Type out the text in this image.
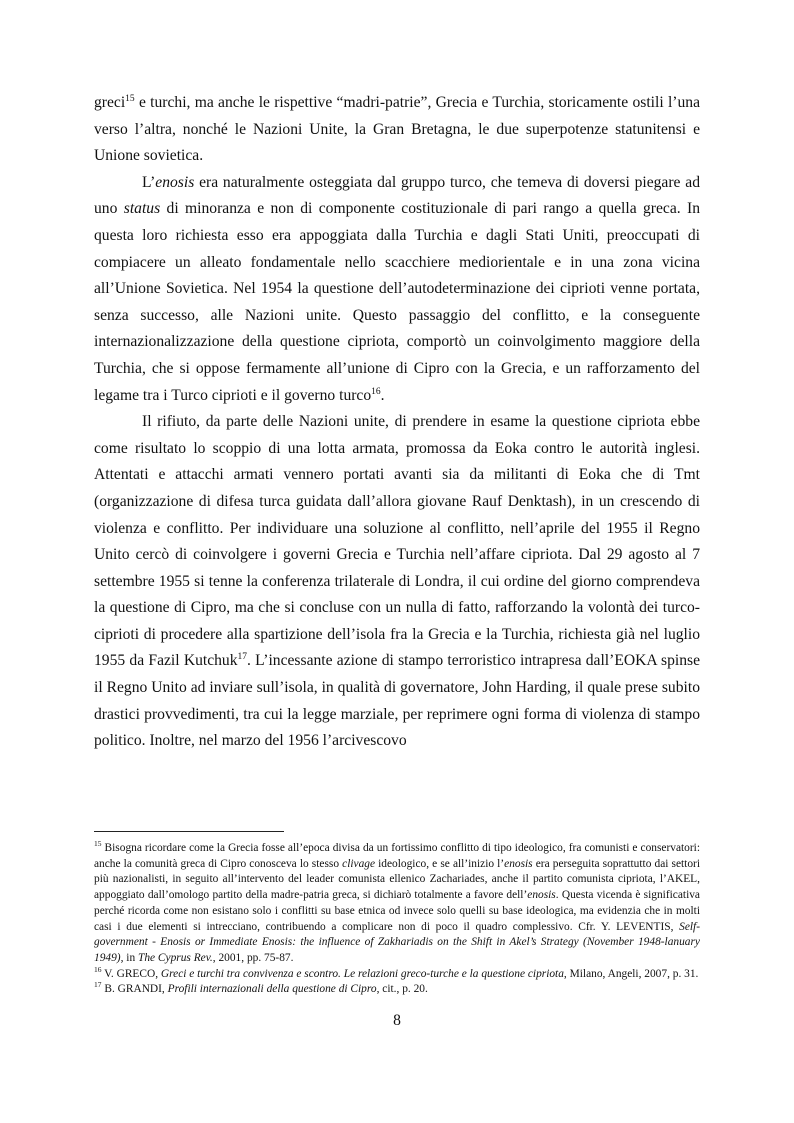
greci$^{15}$ e turchi, ma anche le rispettive “madri-patrie”, Grecia e Turchia, storicamente ostili l’una verso l’altra, nonché le Nazioni Unite, la Gran Bretagna, le due superpotenze statunitensi e Unione sovietica.

L’enosis era naturalmente osteggiata dal gruppo turco, che temeva di doversi piegare ad uno status di minoranza e non di componente costituzionale di pari rango a quella greca. In questa loro richiesta esso era appoggiata dalla Turchia e dagli Stati Uniti, preoccupati di compiacere un alleato fondamentale nello scacchiere mediorientale e in una zona vicina all’Unione Sovietica. Nel 1954 la questione dell’autodeterminazione dei ciprioti venne portata, senza successo, alle Nazioni unite. Questo passaggio del conflitto, e la conseguente internazionalizzazione della questione cipriota, comportò un coinvolgimento maggiore della Turchia, che si oppose fermamente all’unione di Cipro con la Grecia, e un rafforzamento del legame tra i Turco ciprioti e il governo turco$^{16}$.

Il rifiuto, da parte delle Nazioni unite, di prendere in esame la questione cipriota ebbe come risultato lo scoppio di una lotta armata, promossa da Eoka contro le autorità inglesi. Attentati e attacchi armati vennero portati avanti sia da militanti di Eoka che di Tmt (organizzazione di difesa turca guidata dall’allora giovane Rauf Denktash), in un crescendo di violenza e conflitto. Per individuare una soluzione al conflitto, nell’aprile del 1955 il Regno Unito cercò di coinvolgere i governi Grecia e Turchia nell’affare cipriota. Dal 29 agosto al 7 settembre 1955 si tenne la conferenza trilaterale di Londra, il cui ordine del giorno comprendeva la questione di Cipro, ma che si concluse con un nulla di fatto, rafforzando la volontà dei turco-ciprioti di procedere alla spartizione dell’isola fra la Grecia e la Turchia, richiesta già nel luglio 1955 da Fazil Kutchuk$^{17}$. L’incessante azione di stampo terroristico intrapresa dall’EOKA spinse il Regno Unito ad inviare sull’isola, in qualità di governatore, John Harding, il quale prese subito drastici provvedimenti, tra cui la legge marziale, per reprimere ogni forma di violenza di stampo politico. Inoltre, nel marzo del 1956 l’arcivescovo

$^{15}$ Bisogna ricordare come la Grecia fosse all’epoca divisa da un fortissimo conflitto di tipo ideologico, fra comunisti e conservatori: anche la comunità greca di Cipro conosceva lo stesso clivage ideologico, e se all’inizio l’enosis era perseguita soprattutto dai settori più nazionalisti, in seguito all’intervento del leader comunista ellenico Zachariades, anche il partito comunista cipriota, l’AKEL, appoggiato dall’omologo partito della madre-patria greca, si dichiarò totalmente a favore dell’enosis. Questa vicenda è significativa perché ricorda come non esistano solo i conflitti su base etnica od invece solo quelli su base ideologica, ma evidenzia che in molti casi i due elementi si intrecciano, contribuendo a complicare non di poco il quadro complessivo. Cfr. Y. LEVENTIS, Self-government - Enosis or Immediate Enosis: the influence of Zakhariadis on the Shift in Akel’s Strategy (November 1948-lanuary 1949), in The Cyprus Rev., 2001, pp. 75-87.

$^{16}$ V. GRECO, Greci e turchi tra convivenza e scontro. Le relazioni greco-turche e la questione cipriota, Milano, Angeli, 2007, p. 31.

$^{17}$ B. GRANDI, Profili internazionali della questione di Cipro, cit., p. 20.

8
